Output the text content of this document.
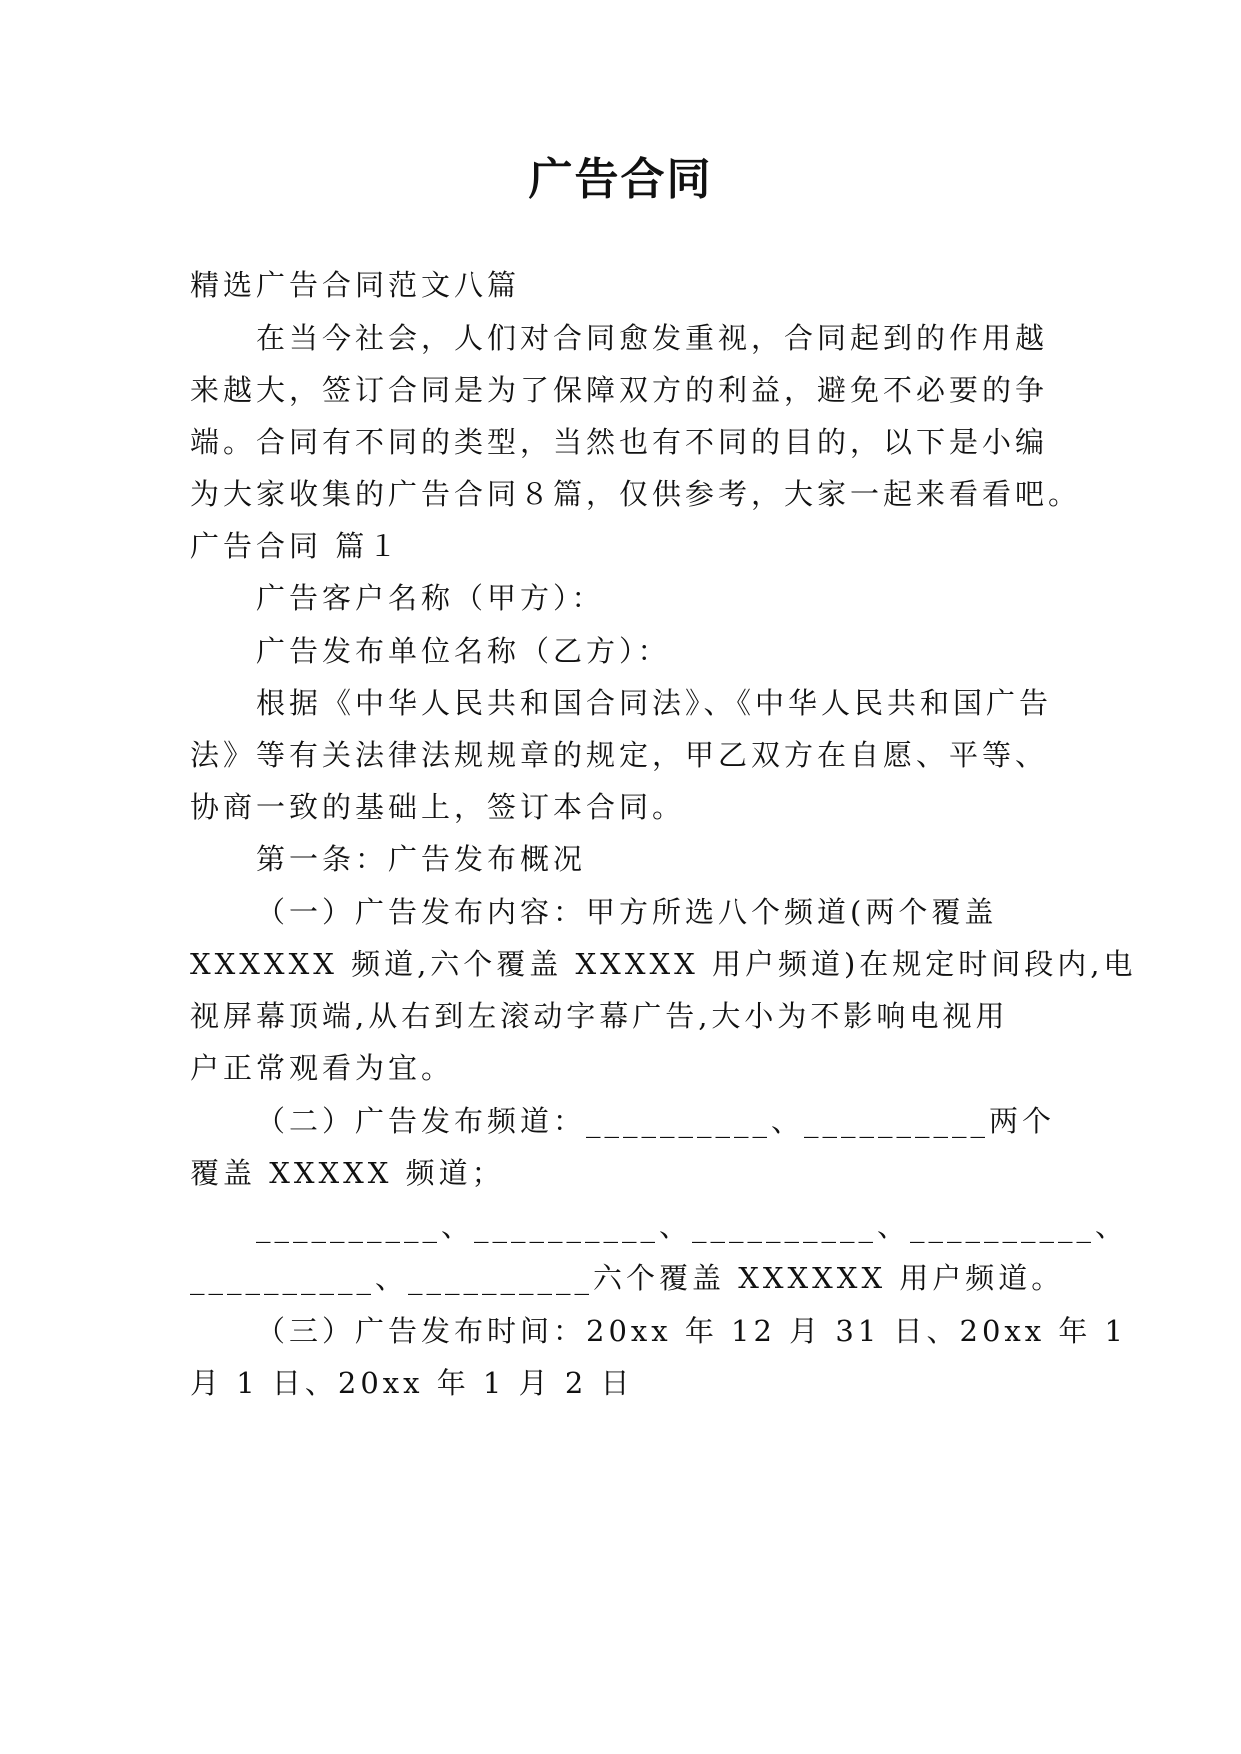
广告合同

精选广告合同范文八篇

在当今社会，人们对合同愈发重视，合同起到的作用越

来越大，签订合同是为了保障双方的利益，避免不必要的争

端。合同有不同的类型，当然也有不同的目的，以下是小编

为大家收集的广告合同８篇，仅供参考，大家一起来看看吧。

广告合同 篇１

广告客户名称（甲方）：

广告发布单位名称（乙方）：

根据《中华人民共和国合同法》、《中华人民共和国广告

法》等有关法律法规规章的规定，甲乙双方在自愿、平等、

协商一致的基础上，签订本合同。

第一条：广告发布概况

（一）广告发布内容：甲方所选八个频道(两个覆盖

XXXXXX 频道,六个覆盖 XXXXX 用户频道)在规定时间段内,电

视屏幕顶端,从右到左滚动字幕广告,大小为不影响电视用

户正常观看为宜。

（二）广告发布频道：__________、__________两个

覆盖 XXXXX 频道；

__________、__________、__________、__________、

__________、__________六个覆盖 XXXXXX 用户频道。

（三）广告发布时间：20xx 年 12 月 31 日、20xx 年 1

月 1 日、20xx 年 1 月 2 日
